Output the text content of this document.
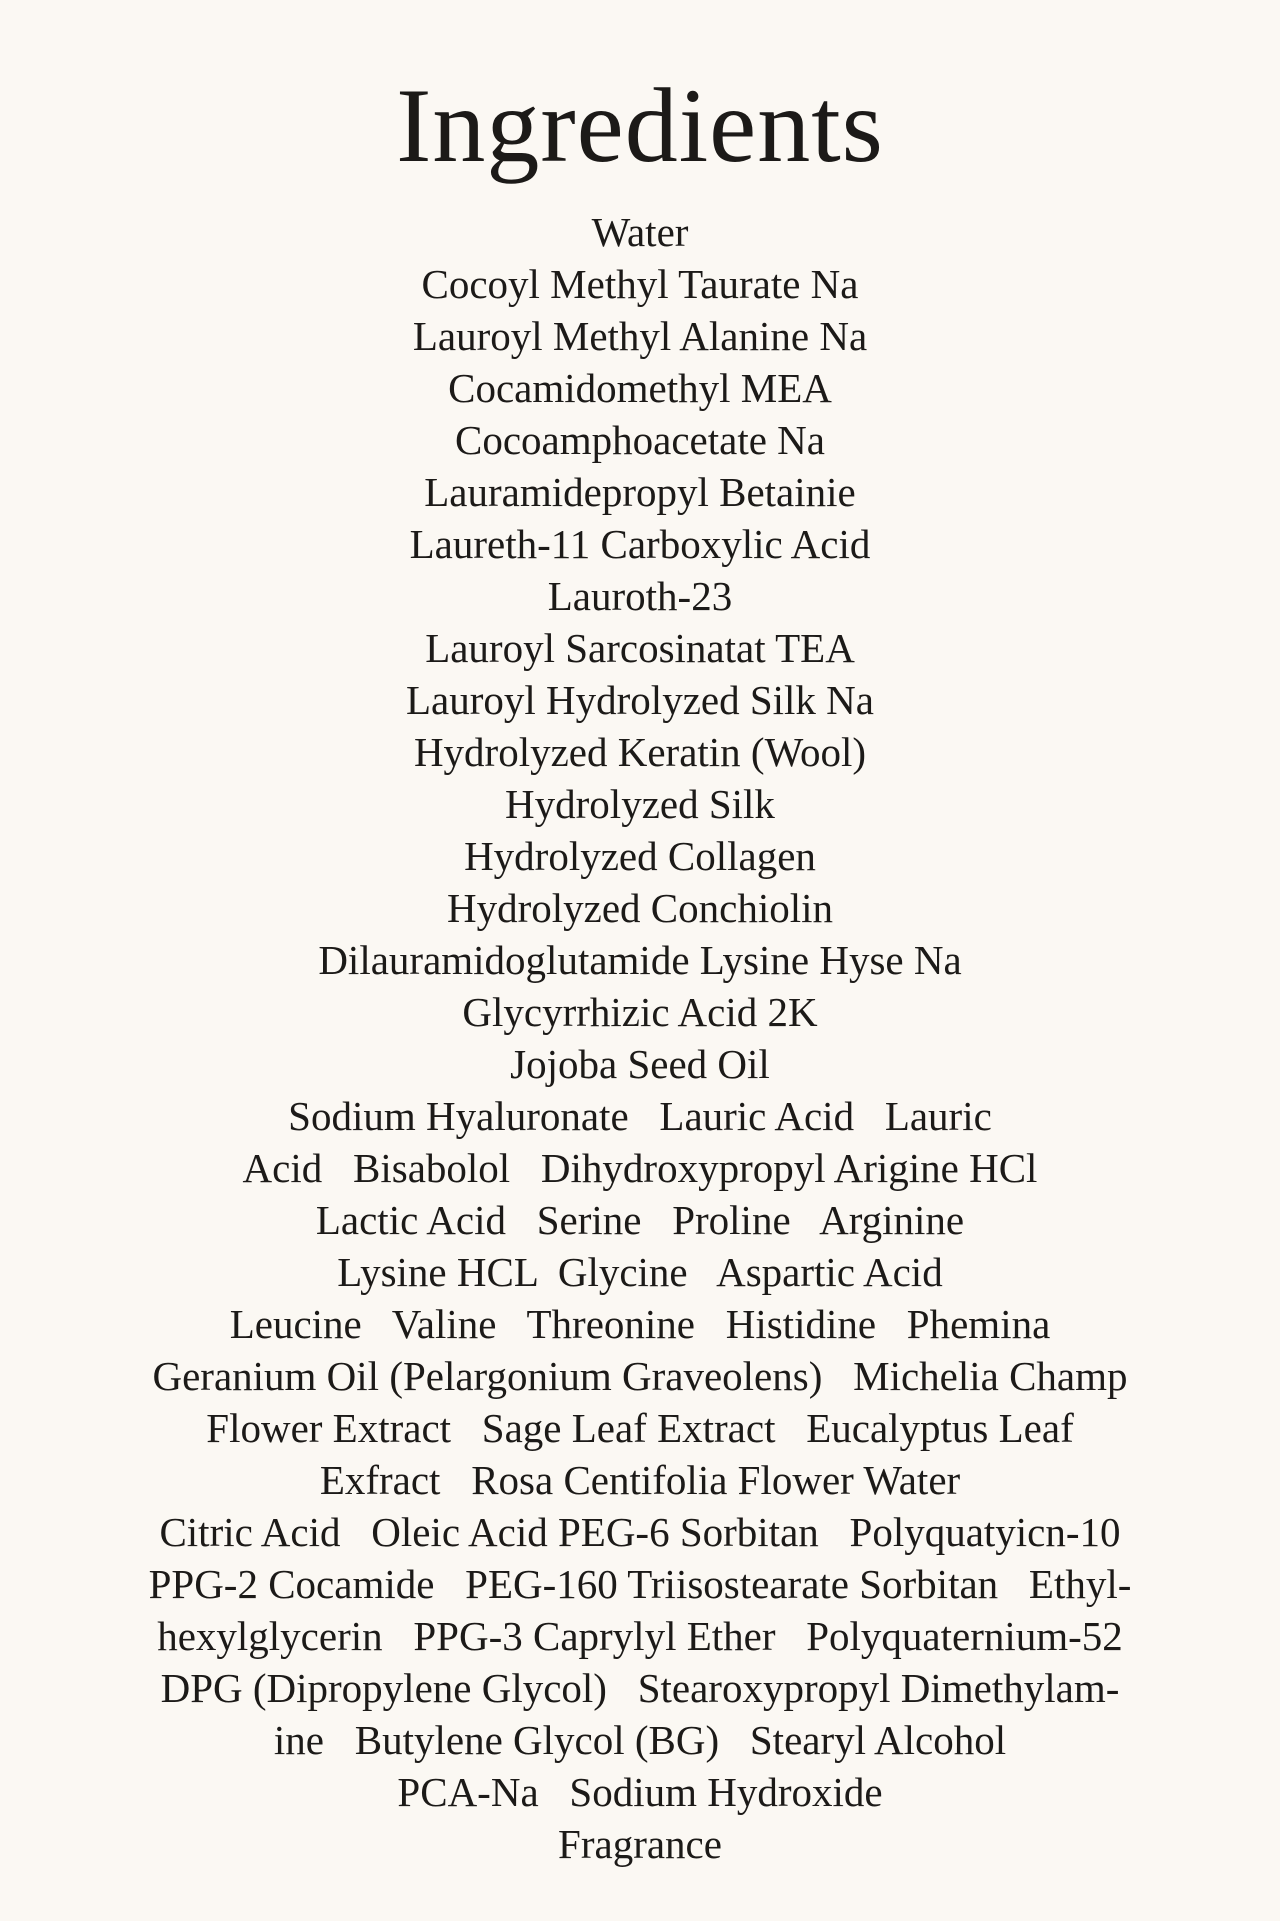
Ingredients
Water
Cocoyl Methyl Taurate Na
Lauroyl Methyl Alanine Na
Cocamidomethyl MEA
Cocoamphoacetate Na
Lauramidepropyl Betainie
Laureth-11 Carboxylic Acid
Lauroth-23
Lauroyl Sarcosinatat TEA
Lauroyl Hydrolyzed Silk Na
Hydrolyzed Keratin (Wool)
Hydrolyzed Silk
Hydrolyzed Collagen
Hydrolyzed Conchiolin
Dilauramidoglutamide Lysine Hyse Na
Glycyrrhizic Acid 2K
Jojoba Seed Oil
Sodium Hyaluronate   Lauric Acid   Lauric
Acid   Bisabolol   Dihydroxypropyl Arigine HCl
Lactic Acid   Serine   Proline   Arginine
Lysine HCL  Glycine   Aspartic Acid
Leucine   Valine   Threonine   Histidine   Phemina
Geranium Oil (Pelargonium Graveolens)   Michelia Champ
Flower Extract   Sage Leaf Extract   Eucalyptus Leaf
Exfract   Rosa Centifolia Flower Water
Citric Acid   Oleic Acid PEG-6 Sorbitan   Polyquatyicn-10
PPG-2 Cocamide   PEG-160 Triisostearate Sorbitan   Ethyl-
hexylglycerin   PPG-3 Caprylyl Ether   Polyquaternium-52
DPG (Dipropylene Glycol)   Stearoxypropyl Dimethylam-
ine   Butylene Glycol (BG)   Stearyl Alcohol
PCA-Na   Sodium Hydroxide
Fragrance
